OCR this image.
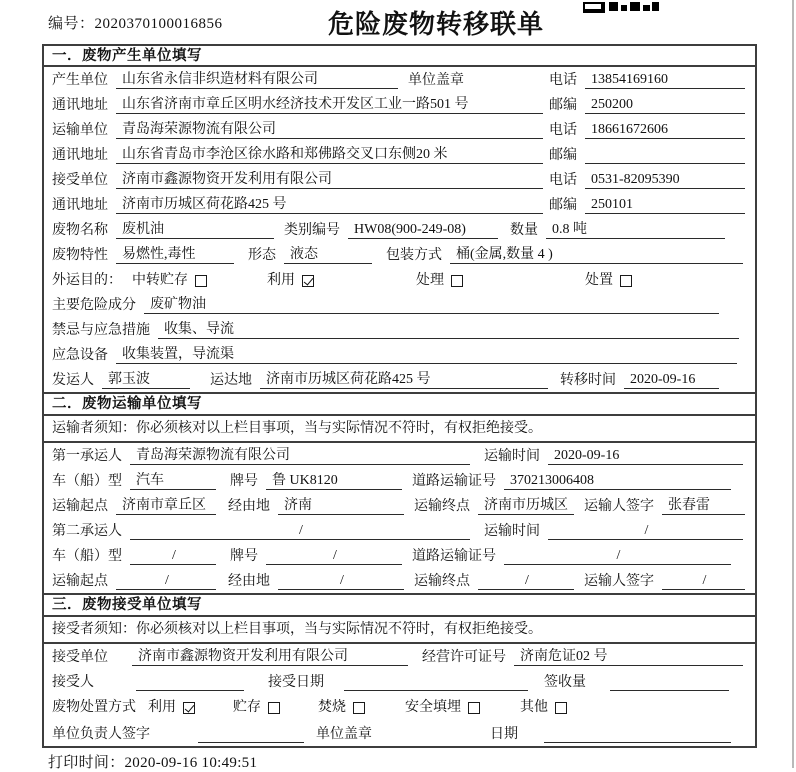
编号：2020370100016856	危险废物转移联单
一．废物产生单位填写
产生单位	山东省永信非织造材料有限公司	单位盖章	电话	13854169160
通讯地址	山东省济南市章丘区明水经济技术开发区工业一路501 号	邮编	250200
运输单位	青岛海荣源物流有限公司	电话	18661672606
通讯地址	山东省青岛市李沧区徐水路和郑佛路交叉口东侧20 米	邮编
接受单位	济南市鑫源物资开发利用有限公司	电话	0531-82095390
通讯地址	济南市历城区荷花路425 号	邮编	250101
废物名称	废机油	类别编号	HW08(900-249-08)	数量	0.8 吨
废物特性	易燃性,毒性	形态	液态	包装方式	桶(金属,数量 4 )
外运目的： 中转贮存	利用	处理	处置
主要危险成分	废矿物油
禁忌与应急措施	收集、导流
应急设备	收集装置，导流渠
发运人	郭玉波	运达地	济南市历城区荷花路425 号	转移时间	2020-09-16
二．废物运输单位填写
运输者须知：你必须核对以上栏目事项，当与实际情况不符时，有权拒绝接受。
第一承运人	青岛海荣源物流有限公司	运输时间	2020-09-16
车（船）型	汽车	牌号	鲁 UK8120	道路运输证号	370213006408
运输起点	济南市章丘区	经由地	济南	运输终点	济南市历城区	运输人签字	张春雷
第二承运人	/	运输时间	/
车（船）型	/	牌号	/	道路运输证号	/
运输起点	/	经由地	/	运输终点	/	运输人签字	/
三．废物接受单位填写
接受者须知：你必须核对以上栏目事项，当与实际情况不符时，有权拒绝接受。
接受单位	济南市鑫源物资开发利用有限公司	经营许可证号	济南危证02 号
接受人	接受日期	签收量
废物处置方式 利用	贮存	焚烧	安全填埋	其他
单位负责人签字	单位盖章	日期
打印时间：2020-09-16 10:49:51
